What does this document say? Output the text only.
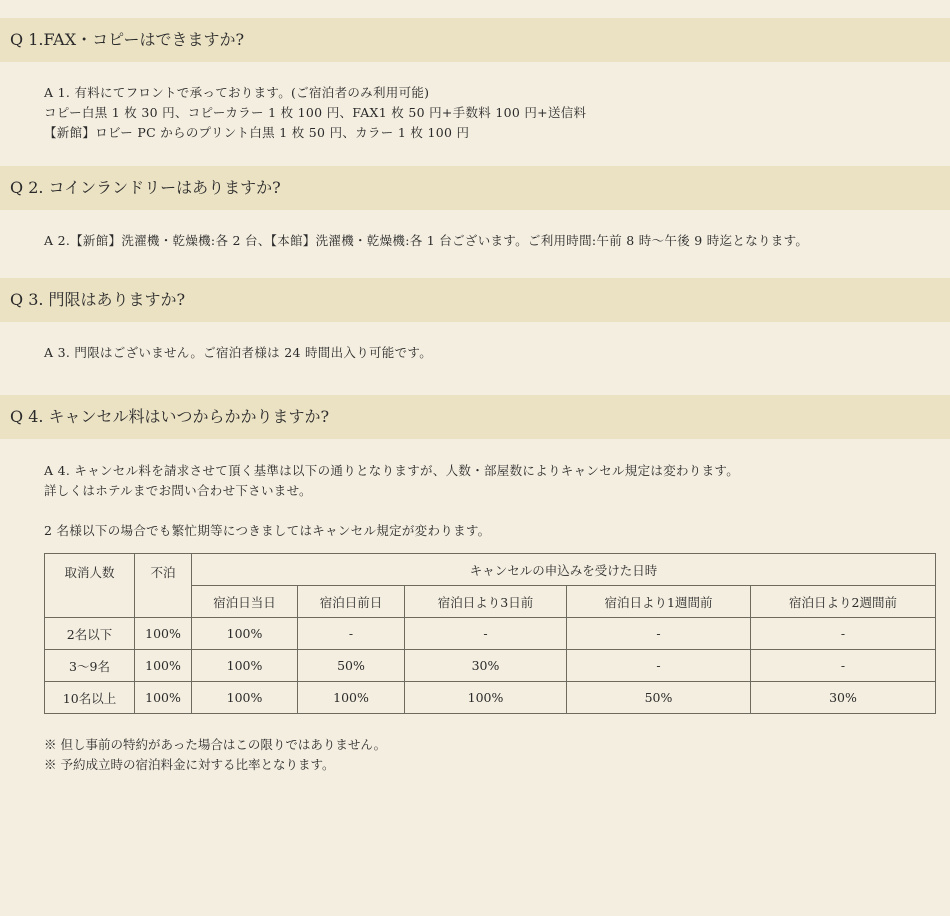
Q 1.FAX・コピーはできますか?
A 1. 有料にてフロントで承っております。(ご宿泊者のみ利用可能)
コピー白黒 1 枚 30 円、コピーカラー 1 枚 100 円、FAX1 枚 50 円+手数料 100 円+送信料
【新館】ロビー PC からのプリント白黒 1 枚 50 円、カラー 1 枚 100 円
Q 2. コインランドリーはありますか?
A 2.【新館】洗濯機・乾燥機:各 2 台、【本館】洗濯機・乾燥機:各 1 台ございます。ご利用時間:午前 8 時〜午後 9 時迄となります。
Q 3. 門限はありますか?
A 3. 門限はございません。ご宿泊者様は 24 時間出入り可能です。
Q 4. キャンセル料はいつからかかりますか?
A 4. キャンセル料を請求させて頂く基準は以下の通りとなりますが、人数・部屋数によりキャンセル規定は変わります。
詳しくはホテルまでお問い合わせ下さいませ。
2 名様以下の場合でも繁忙期等につきましてはキャンセル規定が変わります。
取消人数	不泊	キャンセルの申込みを受けた日時				
		宿泊日当日	宿泊日前日	宿泊日より3日前	宿泊日より1週間前	宿泊日より2週間前
2名以下	100%	100%	-	-	-	-
3〜9名	100%	100%	50%	30%	-	-
10名以上	100%	100%	100%	100%	50%	30%
※ 但し事前の特約があった場合はこの限りではありません。
※ 予約成立時の宿泊料金に対する比率となります。
